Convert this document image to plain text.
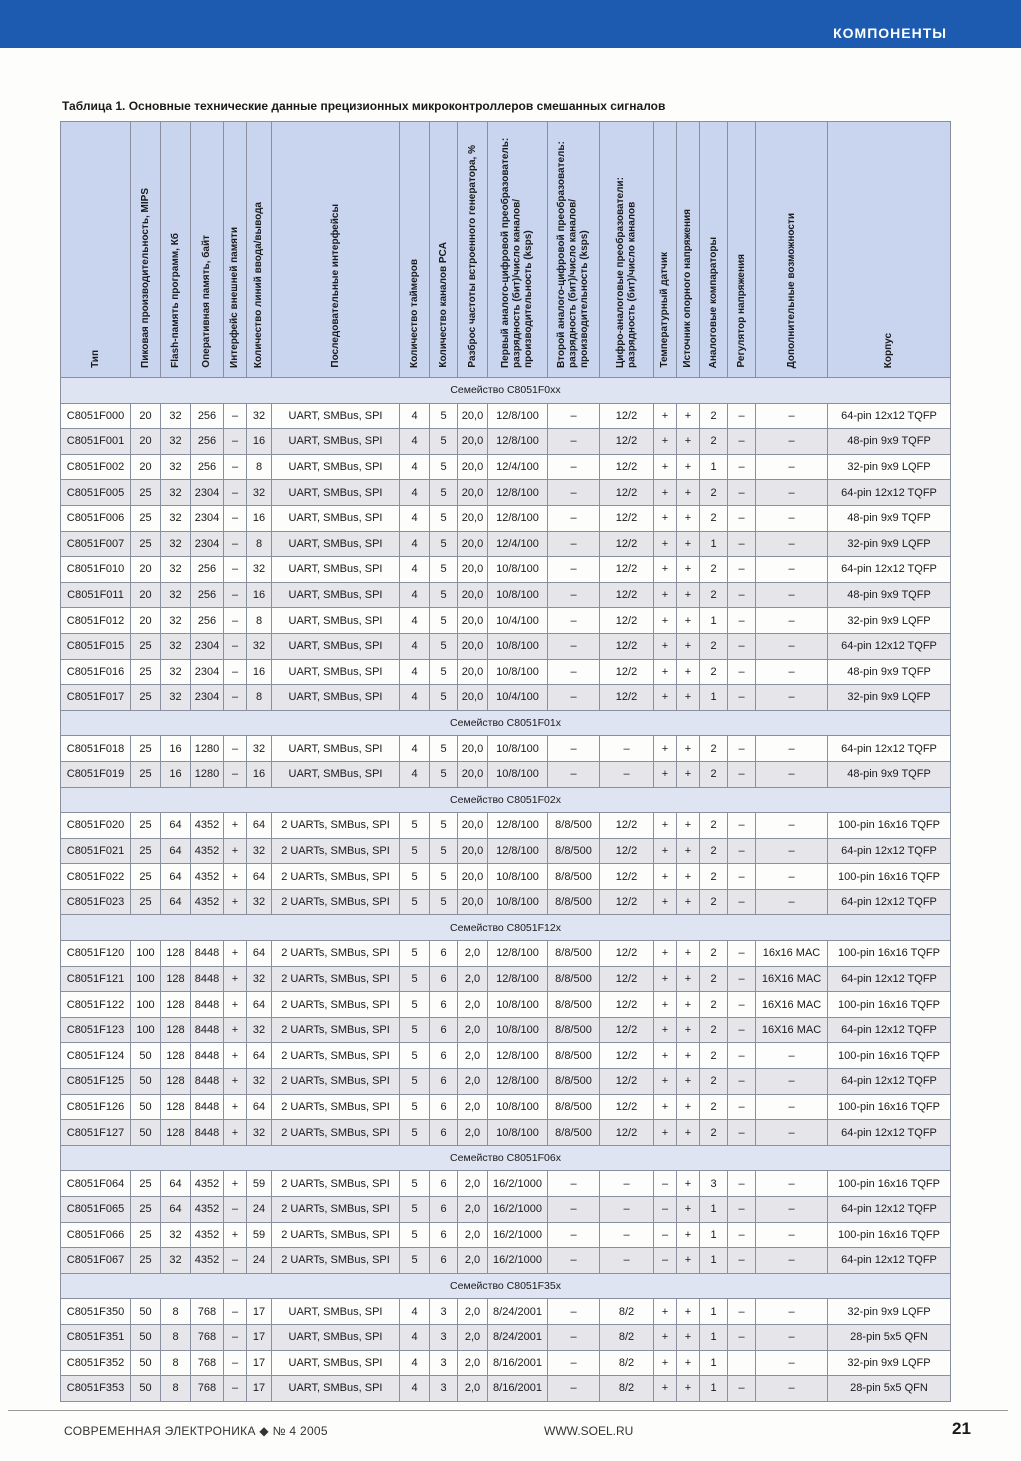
КОМПОНЕНТЫ
Таблица 1. Основные технические данные прецизионных микроконтроллеров смешанных сигналов
Тип	Пиковая производительность, MIPS	Flash-память программ, Кб	Оперативная память, байт	Интерфейс внешней памяти	Количество линий ввода/вывода	Последовательные интерфейсы	Количество таймеров	Количество каналов PCA	Разброс частоты встроенного генератора, %	Первый аналого-цифровой преобразователь: разрядность (бит)/число каналов/производительность (ksps)	Второй аналого-цифровой преобразователь: разрядность (бит)/число каналов/производительность (ksps)	Цифро-аналоговые преобразователи: разрядность (бит)/число каналов	Температурный датчик	Источник опорного напряжения	Аналоговые компараторы	Регулятор напряжения	Дополнительные возможности	Корпус
Семейство C8051F0xx																		
C8051F000	20	32	256	–	32	UART, SMBus, SPI	4	5	20,0	12/8/100	–	12/2	+	+	2	–	–	64-pin 12x12 TQFP
C8051F001	20	32	256	–	16	UART, SMBus, SPI	4	5	20,0	12/8/100	–	12/2	+	+	2	–	–	48-pin 9x9 TQFP
C8051F002	20	32	256	–	8	UART, SMBus, SPI	4	5	20,0	12/4/100	–	12/2	+	+	1	–	–	32-pin 9x9 LQFP
C8051F005	25	32	2304	–	32	UART, SMBus, SPI	4	5	20,0	12/8/100	–	12/2	+	+	2	–	–	64-pin 12x12 TQFP
C8051F006	25	32	2304	–	16	UART, SMBus, SPI	4	5	20,0	12/8/100	–	12/2	+	+	2	–	–	48-pin 9x9 TQFP
C8051F007	25	32	2304	–	8	UART, SMBus, SPI	4	5	20,0	12/4/100	–	12/2	+	+	1	–	–	32-pin 9x9 LQFP
C8051F010	20	32	256	–	32	UART, SMBus, SPI	4	5	20,0	10/8/100	–	12/2	+	+	2	–	–	64-pin 12x12 TQFP
C8051F011	20	32	256	–	16	UART, SMBus, SPI	4	5	20,0	10/8/100	–	12/2	+	+	2	–	–	48-pin 9x9 TQFP
C8051F012	20	32	256	–	8	UART, SMBus, SPI	4	5	20,0	10/4/100	–	12/2	+	+	1	–	–	32-pin 9x9 LQFP
C8051F015	25	32	2304	–	32	UART, SMBus, SPI	4	5	20,0	10/8/100	–	12/2	+	+	2	–	–	64-pin 12x12 TQFP
C8051F016	25	32	2304	–	16	UART, SMBus, SPI	4	5	20,0	10/8/100	–	12/2	+	+	2	–	–	48-pin 9x9 TQFP
C8051F017	25	32	2304	–	8	UART, SMBus, SPI	4	5	20,0	10/4/100	–	12/2	+	+	1	–	–	32-pin 9x9 LQFP
Семейство C8051F01x																		
C8051F018	25	16	1280	–	32	UART, SMBus, SPI	4	5	20,0	10/8/100	–	–	+	+	2	–	–	64-pin 12x12 TQFP
C8051F019	25	16	1280	–	16	UART, SMBus, SPI	4	5	20,0	10/8/100	–	–	+	+	2	–	–	48-pin 9x9 TQFP
Семейство C8051F02x																		
C8051F020	25	64	4352	+	64	2 UARTs, SMBus, SPI	5	5	20,0	12/8/100	8/8/500	12/2	+	+	2	–	–	100-pin 16x16 TQFP
C8051F021	25	64	4352	+	32	2 UARTs, SMBus, SPI	5	5	20,0	12/8/100	8/8/500	12/2	+	+	2	–	–	64-pin 12x12 TQFP
C8051F022	25	64	4352	+	64	2 UARTs, SMBus, SPI	5	5	20,0	10/8/100	8/8/500	12/2	+	+	2	–	–	100-pin 16x16 TQFP
C8051F023	25	64	4352	+	32	2 UARTs, SMBus, SPI	5	5	20,0	10/8/100	8/8/500	12/2	+	+	2	–	–	64-pin 12x12 TQFP
Семейство C8051F12x																		
C8051F120	100	128	8448	+	64	2 UARTs, SMBus, SPI	5	6	2,0	12/8/100	8/8/500	12/2	+	+	2	–	16x16 MAC	100-pin 16x16 TQFP
C8051F121	100	128	8448	+	32	2 UARTs, SMBus, SPI	5	6	2,0	12/8/100	8/8/500	12/2	+	+	2	–	16X16 MAC	64-pin 12x12 TQFP
C8051F122	100	128	8448	+	64	2 UARTs, SMBus, SPI	5	6	2,0	10/8/100	8/8/500	12/2	+	+	2	–	16X16 MAC	100-pin 16x16 TQFP
C8051F123	100	128	8448	+	32	2 UARTs, SMBus, SPI	5	6	2,0	10/8/100	8/8/500	12/2	+	+	2	–	16X16 MAC	64-pin 12x12 TQFP
C8051F124	50	128	8448	+	64	2 UARTs, SMBus, SPI	5	6	2,0	12/8/100	8/8/500	12/2	+	+	2	–	–	100-pin 16x16 TQFP
C8051F125	50	128	8448	+	32	2 UARTs, SMBus, SPI	5	6	2,0	12/8/100	8/8/500	12/2	+	+	2	–	–	64-pin 12x12 TQFP
C8051F126	50	128	8448	+	64	2 UARTs, SMBus, SPI	5	6	2,0	10/8/100	8/8/500	12/2	+	+	2	–	–	100-pin 16x16 TQFP
C8051F127	50	128	8448	+	32	2 UARTs, SMBus, SPI	5	6	2,0	10/8/100	8/8/500	12/2	+	+	2	–	–	64-pin 12x12 TQFP
Семейство C8051F06x																		
C8051F064	25	64	4352	+	59	2 UARTs, SMBus, SPI	5	6	2,0	16/2/1000	–	–	–	+	3	–	–	100-pin 16x16 TQFP
C8051F065	25	64	4352	–	24	2 UARTs, SMBus, SPI	5	6	2,0	16/2/1000	–	–	–	+	1	–	–	64-pin 12x12 TQFP
C8051F066	25	32	4352	+	59	2 UARTs, SMBus, SPI	5	6	2,0	16/2/1000	–	–	–	+	1	–	–	100-pin 16x16 TQFP
C8051F067	25	32	4352	–	24	2 UARTs, SMBus, SPI	5	6	2,0	16/2/1000	–	–	–	+	1	–	–	64-pin 12x12 TQFP
Семейство C8051F35x																		
C8051F350	50	8	768	–	17	UART, SMBus, SPI	4	3	2,0	8/24/2001	–	8/2	+	+	1	–	–	32-pin 9x9 LQFP
C8051F351	50	8	768	–	17	UART, SMBus, SPI	4	3	2,0	8/24/2001	–	8/2	+	+	1	–	–	28-pin 5x5 QFN
C8051F352	50	8	768	–	17	UART, SMBus, SPI	4	3	2,0	8/16/2001	–	8/2	+	+	1		–	32-pin 9x9 LQFP
C8051F353	50	8	768	–	17	UART, SMBus, SPI	4	3	2,0	8/16/2001	–	8/2	+	+	1	–	–	28-pin 5x5 QFN
СОВРЕМЕННАЯ ЭЛЕКТРОНИКА ◆ № 4 2005	WWW.SOEL.RU	21
